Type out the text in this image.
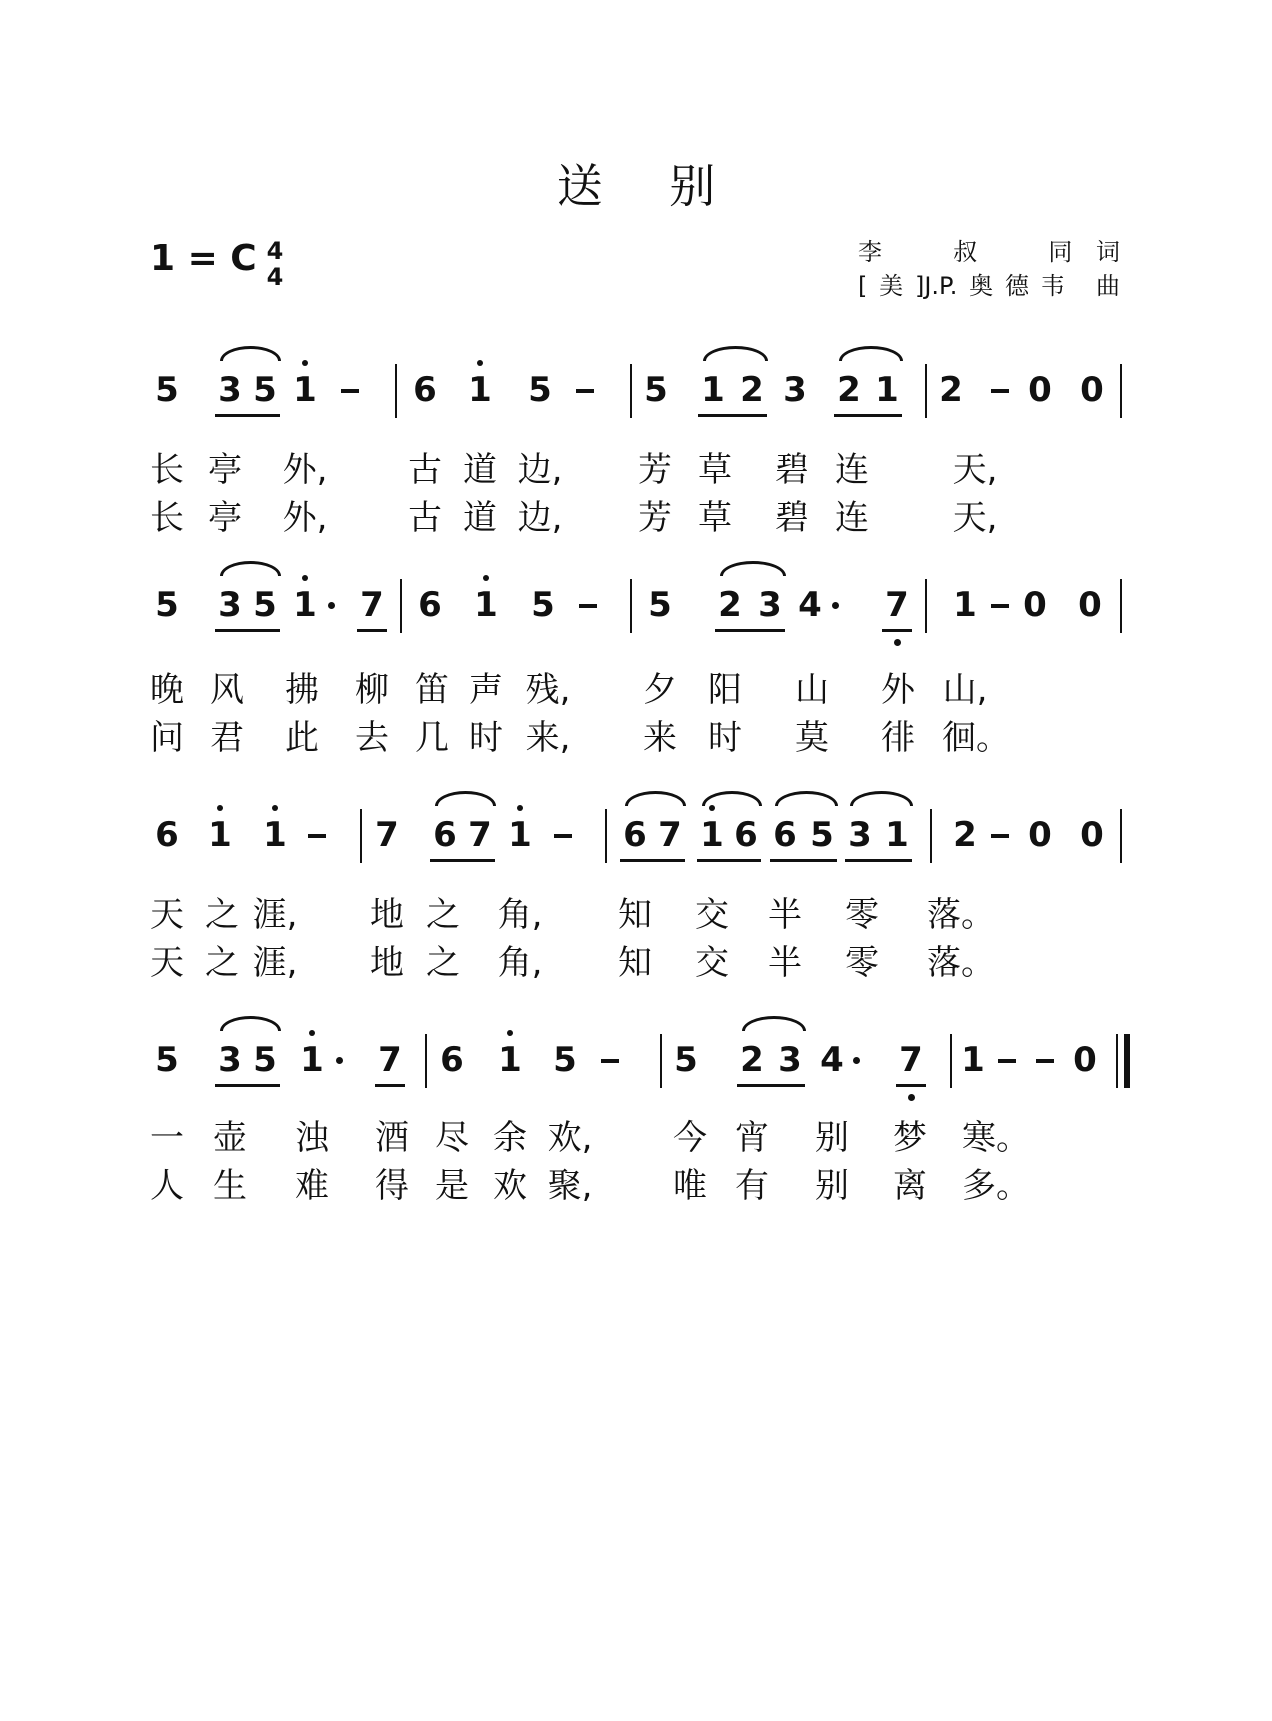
送 别
1 = C 4
4
李　叔　同词
[美]J.P.奥德韦 曲
5 3 5 1	6 1 5	5 1 2 3 2 1 2 0 0
长 亭 外, 古 道 边, 芳 草 碧 连 天,
长 亭 外, 古 道 边, 芳 草 碧 连 天,
5 3 5 1 7 6 1 5	5 2 3 4 7 1 0 0
晚 风 拂 柳 笛 声 残, 夕 阳 山 外 山,
问 君 此 去 几 时 来, 来 时 莫 徘 徊。
6 1 1	7 6 7 1	6 7 1 6 6 5 3 1 2 0 0
天 之 涯, 地 之 角, 知 交 半 零 落。
天 之 涯, 地 之 角, 知 交 半 零 落。
5 3 5 1 7 6 1 5	5 2 3 4 7 1	0
一 壶 浊 酒 尽 余 欢, 今 宵 别 梦 寒。
人 生 难 得 是 欢 聚, 唯 有 别 离 多。
